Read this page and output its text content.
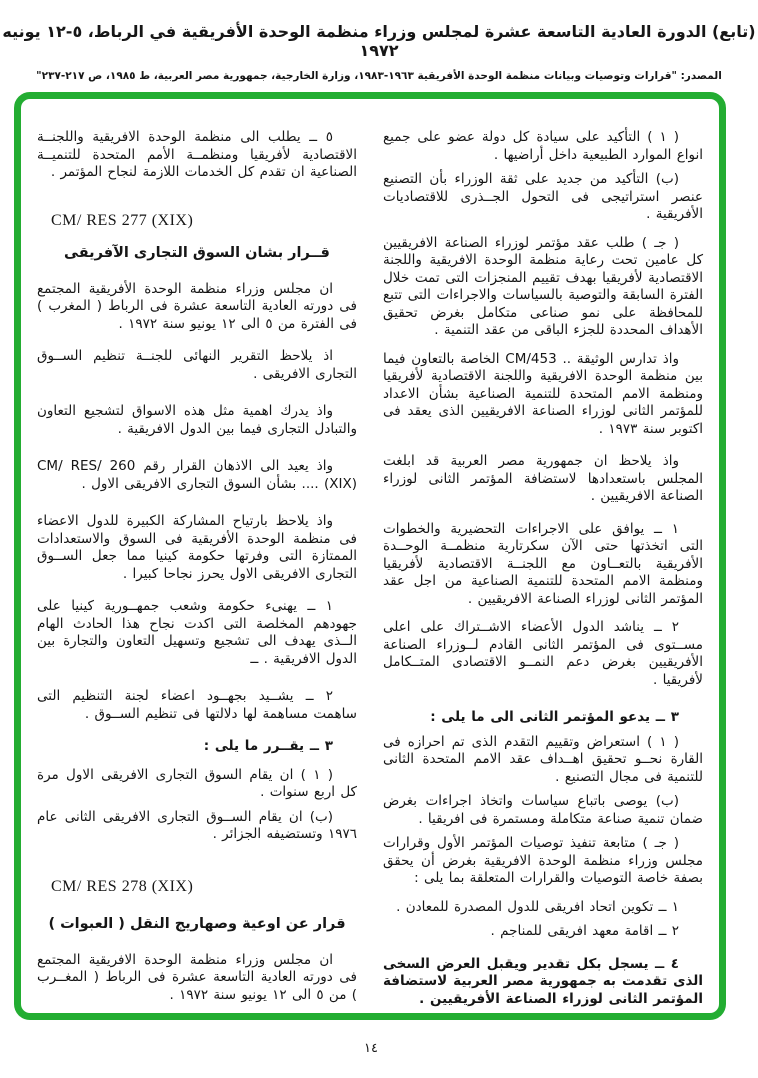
(تابع) الدورة العادية التاسعة عشرة لمجلس وزراء منظمة الوحدة الأفريقية في الرباط، ٥-١٢ يونيه ١٩٧٢
المصدر: "قرارات وتوصيات وبيانات منظمة الوحدة الأفريقية ١٩٦٣-١٩٨٣، وزارة الخارجية، جمهورية مصر العربية، ط ١٩٨٥، ص ٢١٧-٢٣٧"

( ١ ) التأكيد على سيادة كل دولة عضو على جميع انواع الموارد الطبيعية داخل أراضيها .

(ب) التأكيد من جديد على ثقة الوزراء بأن التصنيع عنصر استراتيجى فى التحول الجــذرى للاقتصاديات الأفريقية .

( جـ ) طلب عقد مؤتمر لوزراء الصناعة الافريقيين كل عامين تحت رعاية منظمة الوحدة الافريقية واللجنة الاقتصادية لأفريقيا بهدف تقييم المنجزات التى تمت خلال الفترة السابقة والتوصية بالسياسات والاجراءات التى تتبع للمحافظة على نمو صناعى متكامل بغرض تحقيق الأهداف المحددة للجزء الباقى من عقد التنمية .

واذ تدارس الوثيقة .. CM/453 الخاصة بالتعاون فيما بين منظمة الوحدة الافريقية واللجنة الاقتصادية لأفريقيا ومنظمة الامم المتحدة للتنمية الصناعية بشأن الاعداد للمؤتمر الثانى لوزراء الصناعة الافريقيين الذى يعقد فى اكتوبر سنة ١٩٧٣ .

واذ يلاحظ ان جمهورية مصر العربية قد ابلغت المجلس باستعدادها لاستضافة المؤتمر الثانى لوزراء الصناعة الافريقيين .

١ ــ يوافق على الاجراءات التحضيرية والخطوات التى اتخذتها حتى الآن سكرتارية منظمــة الوحــدة الأفريقية بالتعــاون مع اللجنــة الاقتصادية لأفريقيا ومنظمة الامم المتحدة للتنمية الصناعية من اجل عقد المؤتمر الثانى لوزراء الصناعة الافريقيين .

٢ ــ يناشد الدول الأعضاء الاشــتراك على اعلى مســتوى فى المؤتمر الثانى القادم لــوزراء الصناعة الأفريقيين بغرض دعم النمــو الاقتصادى المتــكامل لأفريقيا .

٣ ــ يدعو المؤتمر الثانى الى ما يلى :

( ١ ) استعراض وتقييم التقدم الذى تم احرازه فى القارة نحــو تحقيق اهــداف عقد الامم المتحدة الثانى للتنمية فى مجال التصنيع .

(ب) يوصى باتباع سياسات واتخاذ اجراءات بغرض ضمان تنمية صناعة متكاملة ومستمرة فى افريقيا .

( جـ ) متابعة تنفيذ توصيات المؤتمر الأول وقرارات مجلس وزراء منظمة الوحدة الافريقية بغرض أن يحقق بصفة خاصة التوصيات والقرارات المتعلقة بما يلى :

١ ــ تكوين اتحاد افريقى للدول المصدرة للمعادن .

٢ ــ اقامة معهد افريقى للمناجم .

٤ ــ يسجل بكل تقدير ويقبل العرض السخى الذى تقدمت به جمهورية مصر العربية لاستضافة المؤتمر الثانى لوزراء الصناعة الأفريقيين .

٥ ــ يطلب الى منظمة الوحدة الافريقية واللجنــة الاقتصادية لأفريقيا ومنظمــة الأمم المتحدة للتنميــة الصناعية ان تقدم كل الخدمات اللازمة لنجاح المؤتمر .

CM/ RES 277 (XIX)

قــرار بشان السوق التجارى الآفريقى

ان مجلس وزراء منظمة الوحدة الأفريقية المجتمع فى دورته العادية التاسعة عشرة فى الرباط ( المغرب ) فى الفترة من ٥ الى ١٢ يونيو سنة ١٩٧٢ .

اذ يلاحظ التقرير النهائى للجنــة تنظيم الســوق التجارى الافريقى .

واذ يدرك اهمية مثل هذه الاسواق لتشجيع التعاون والتبادل التجارى فيما بين الدول الافريقية .

واذ يعيد الى الاذهان القرار رقم CM/ RES/ 260 .... (XIX) بشأن السوق التجارى الافريقى الاول .

واذ يلاحظ بارتياح المشاركة الكبيرة للدول الاعضاء فى منظمة الوحدة الأفريقية فى السوق والاستعدادات الممتازة التى وفرتها حكومة كينيا مما جعل الســوق التجارى الافريقى الاول يحرز نجاحا كبيرا .

١ ــ يهنىء حكومة وشعب جمهــورية كينيا على جهودهم المخلصة التى اكدت نجاح هذا الحادث الهام الــذى يهدف الى تشجيع وتسهيل التعاون والتجارة بين الدول الافريقية . ــ

٢ ــ يشــيد بجهــود اعضاء لجنة التنظيم التى ساهمت مساهمة لها دلالتها فى تنظيم الســوق .

٣ ــ يقــرر ما يلى :

( ١ ) ان يقام السوق التجارى الافريقى الاول مرة كل اربع سنوات .

(ب) ان يقام الســوق التجارى الافريقى الثانى عام ١٩٧٦ وتستضيفه الجزائر .

CM/ RES 278 (XIX)

قرار عن اوعية وصهاريج النقل ( العبوات )

ان مجلس وزراء منظمة الوحدة الافريقية المجتمع فى دورته العادية التاسعة عشرة فى الرباط ( المغــرب ) من ٥ الى ١٢ يونيو سنة ١٩٧٢ .

١٤
